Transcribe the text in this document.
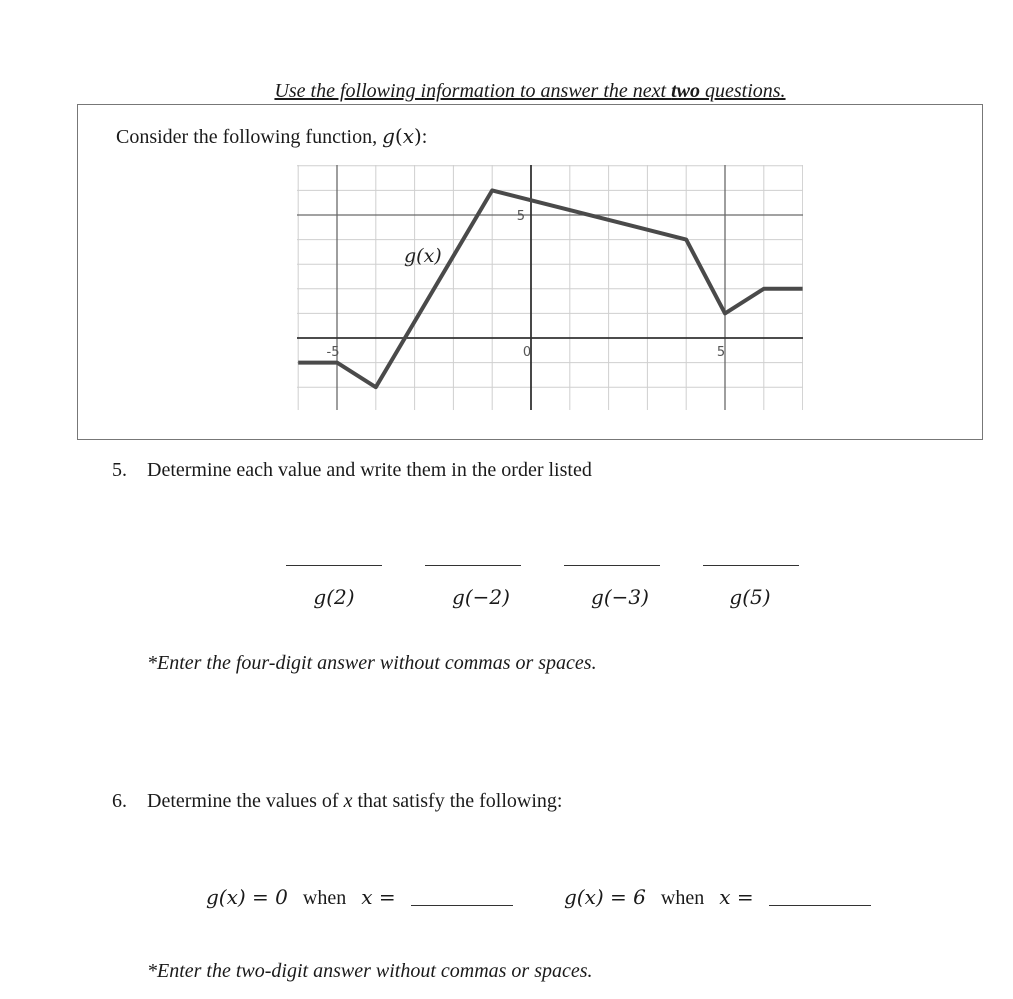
Use the following information to answer the next two questions.
Consider the following function, g(x):
-5	0	5
5
g(x)
5. Determine each value and write them in the order listed
g(2)	g(−2)	g(−3)	g(5)
*Enter the four-digit answer without commas or spaces.
6. Determine the values of x that satisfy the following:
g(x) = 0 when x =	g(x) = 6 when x =
*Enter the two-digit answer without commas or spaces.
